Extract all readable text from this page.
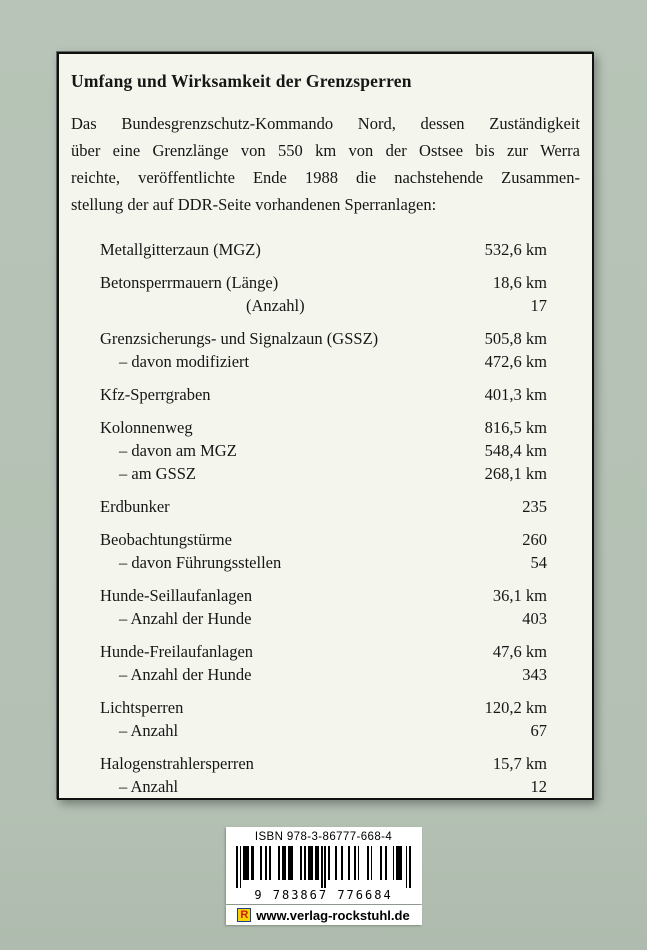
Umfang und Wirksamkeit der Grenzsperren
Das Bundesgrenzschutz-Kommando Nord, dessen Zuständigkeit
über eine Grenzlänge von 550 km von der Ostsee bis zur Werra
reichte, veröffentlichte Ende 1988 die nachstehende Zusammen-
stellung der auf DDR-Seite vorhandenen Sperranlagen:
Metallgitterzaun (MGZ)	532,6 km
Betonsperrmauern (Länge)	18,6 km
(Anzahl)	17
Grenzsicherungs- und Signalzaun (GSSZ)	505,8 km
– davon modifiziert	472,6 km
Kfz-Sperrgraben	401,3 km
Kolonnenweg	816,5 km
– davon am MGZ	548,4 km
– am GSSZ	268,1 km
Erdbunker	235
Beobachtungstürme	260
– davon Führungsstellen	54
Hunde-Seillaufanlagen	36,1 km
– Anzahl der Hunde	403
Hunde-Freilaufanlagen	47,6 km
– Anzahl der Hunde	343
Lichtsperren	120,2 km
– Anzahl	67
Halogenstrahlersperren	15,7 km
– Anzahl	12
ISBN 978-3-86777-668-4
9 783867 776684
R www.verlag-rockstuhl.de
